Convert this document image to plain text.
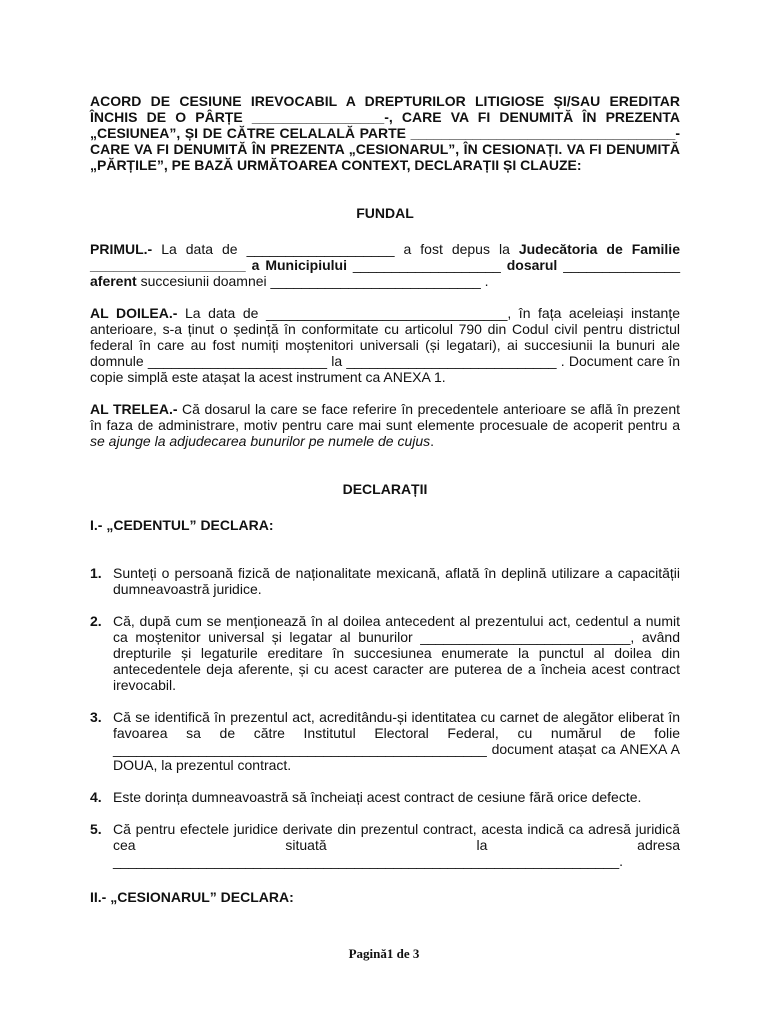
ACORD DE CESIUNE IREVOCABIL A DREPTURILOR LITIGIOSE ȘI/SAU EREDITAR ÎNCHIS DE O PÂRȚE _________________-, CARE VA FI DENUMITĂ ÎN PREZENTA „CESIUNEA”, ȘI DE CĂTRE CELALALĂ PARTE __________________________________- CARE VA FI DENUMITĂ ÎN PREZENTA „CESIONARUL”, ÎN CESIONAȚI. VA FI DENUMITĂ „PĂRȚILE”, PE BAZĂ URMĂTOAREA CONTEXT, DECLARAȚII ȘI CLAUZE:

FUNDAL

PRIMUL.- La data de ___________________ a fost depus la Judecătoria de Familie ____________________ a Municipiului ___________________ dosarul _______________ aferent succesiunii doamnei ___________________________ .

AL DOILEA.- La data de _______________________________, în fața aceleiași instanțe anterioare, s-a ținut o ședință în conformitate cu articolul 790 din Codul civil pentru districtul federal în care au fost numiți moștenitori universali (și legatari), ai succesiunii la bunuri ale domnule _______________________ la ___________________________ . Document care în copie simplă este atașat la acest instrument ca ANEXA 1.

AL TRELEA.- Că dosarul la care se face referire în precedentele anterioare se află în prezent în faza de administrare, motiv pentru care mai sunt elemente procesuale de acoperit pentru a se ajunge la adjudecarea bunurilor pe numele de cujus.

DECLARAȚII

I.- „CEDENTUL” DECLARA:

1. Sunteți o persoană fizică de naționalitate mexicană, aflată în deplină utilizare a capacității dumneavoastră juridice.
2. Că, după cum se menționează în al doilea antecedent al prezentului act, cedentul a numit ca moștenitor universal și legatar al bunurilor ___________________________, având drepturile și legaturile ereditare în succesiunea enumerate la punctul al doilea din antecedentele deja aferente, și cu acest caracter are puterea de a încheia acest contract irevocabil.
3. Că se identifică în prezentul act, acreditându-și identitatea cu carnet de alegător eliberat în favoarea sa de către Institutul Electoral Federal, cu numărul de folie ________________________________________________ document atașat ca ANEXA A DOUA, la prezentul contract.
4. Este dorința dumneavoastră să încheiați acest contract de cesiune fără orice defecte.
5. Că pentru efectele juridice derivate din prezentul contract, acesta indică ca adresă juridică cea situată la adresa _________________________________________________________________.

II.- „CESIONARUL” DECLARA:

Pagină1 de 3
